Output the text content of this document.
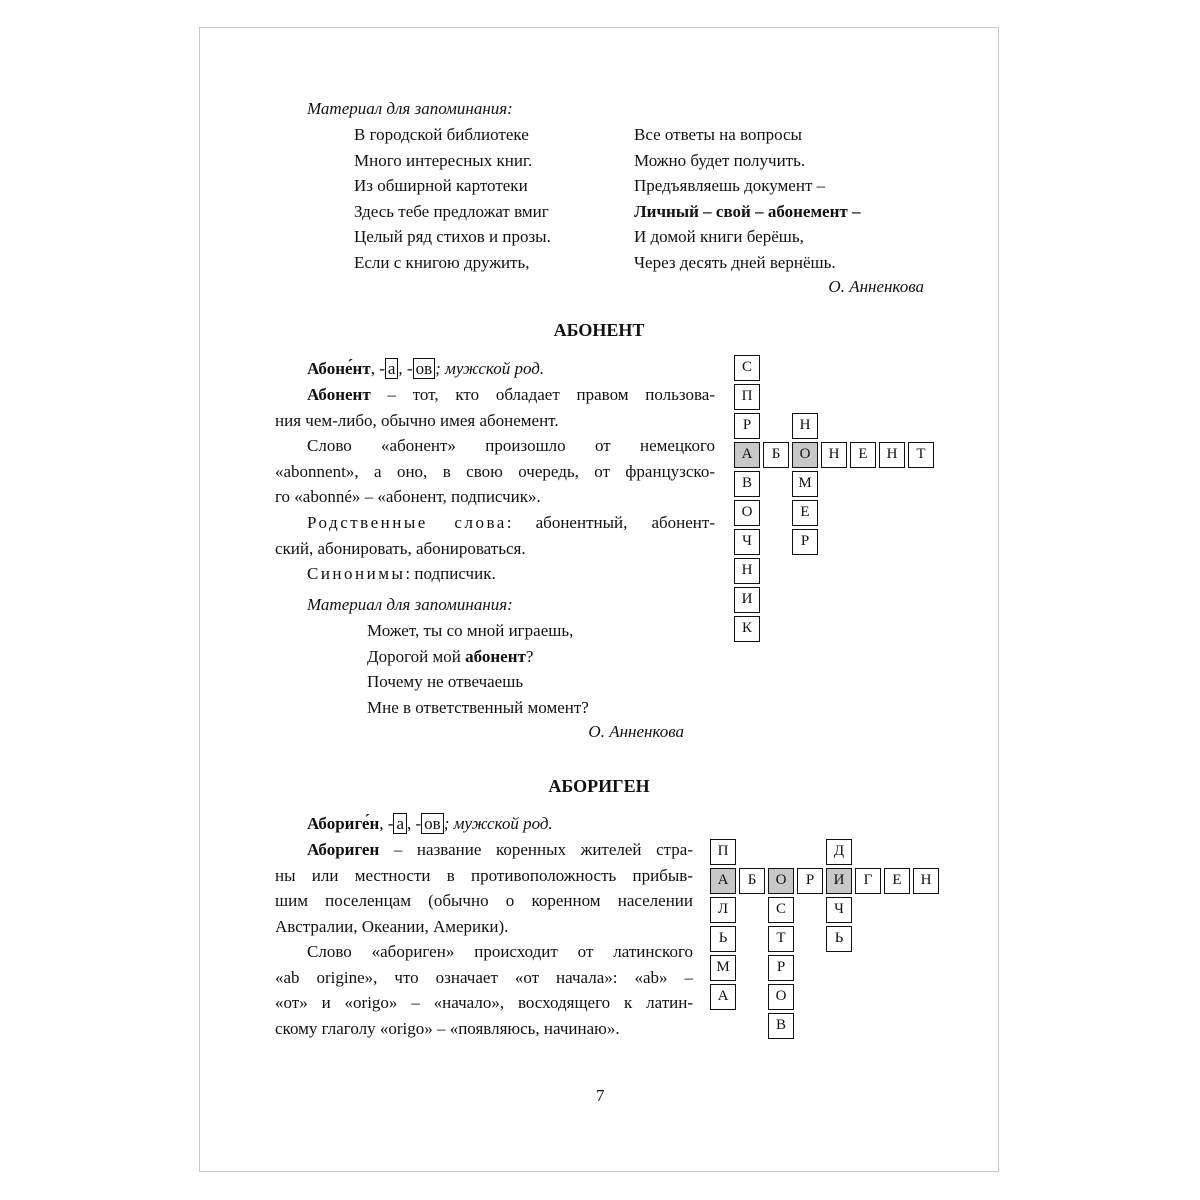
Материал для запоминания:
В городской библиотеке
Много интересных книг.
Из обширной картотеки
Здесь тебе предложат вмиг
Целый ряд стихов и прозы.
Если с книгою дружить,
Все ответы на вопросы
Можно будет получить.
Предъявляешь документ –
Личный – свой – абонемент –
И домой книги берёшь,
Через десять дней вернёшь.
О. Анненкова
АБОНЕНТ
Абоне́нт, - а , - ов ; мужской род.
Абонент – тот, кто обладает правом пользова-
ния чем-либо, обычно имея абонемент.
Слово «абонент» произошло от немецкого
«abonnent», а оно, в свою очередь, от французско-
го «abonné» – «абонент, подписчик».
Родственные слова: абонентный, абонент-
ский, абонировать, абонироваться.
Синонимы: подписчик.
Материал для запоминания:
Может, ты со мной играешь,
Дорогой мой абонент?
Почему не отвечаешь
Мне в ответственный момент?
О. Анненкова
С
П
Р
А
В
О
Ч
Н
И
К
Б	О	Н	Е	Н	Т
Н
М
Е
Р
АБОРИГЕН
Абориге́н, - а , - ов ; мужской род.
Абориген – название коренных жителей стра-
ны или местности в противоположность прибыв-
шим поселенцам (обычно о коренном населении
Австралии, Океании, Америки).
Слово «абориген» происходит от латинского
«ab origine», что означает «от начала»: «ab» –
«от» и «origo» – «начало», восходящего к латин-
скому глаголу «origo» – «появляюсь, начинаю».
П
А
Л
Ь
М
А
Б	О	Р	И	Г	Е	Н
С
Т
Р
О
В
Д
Ч
Ь
7
